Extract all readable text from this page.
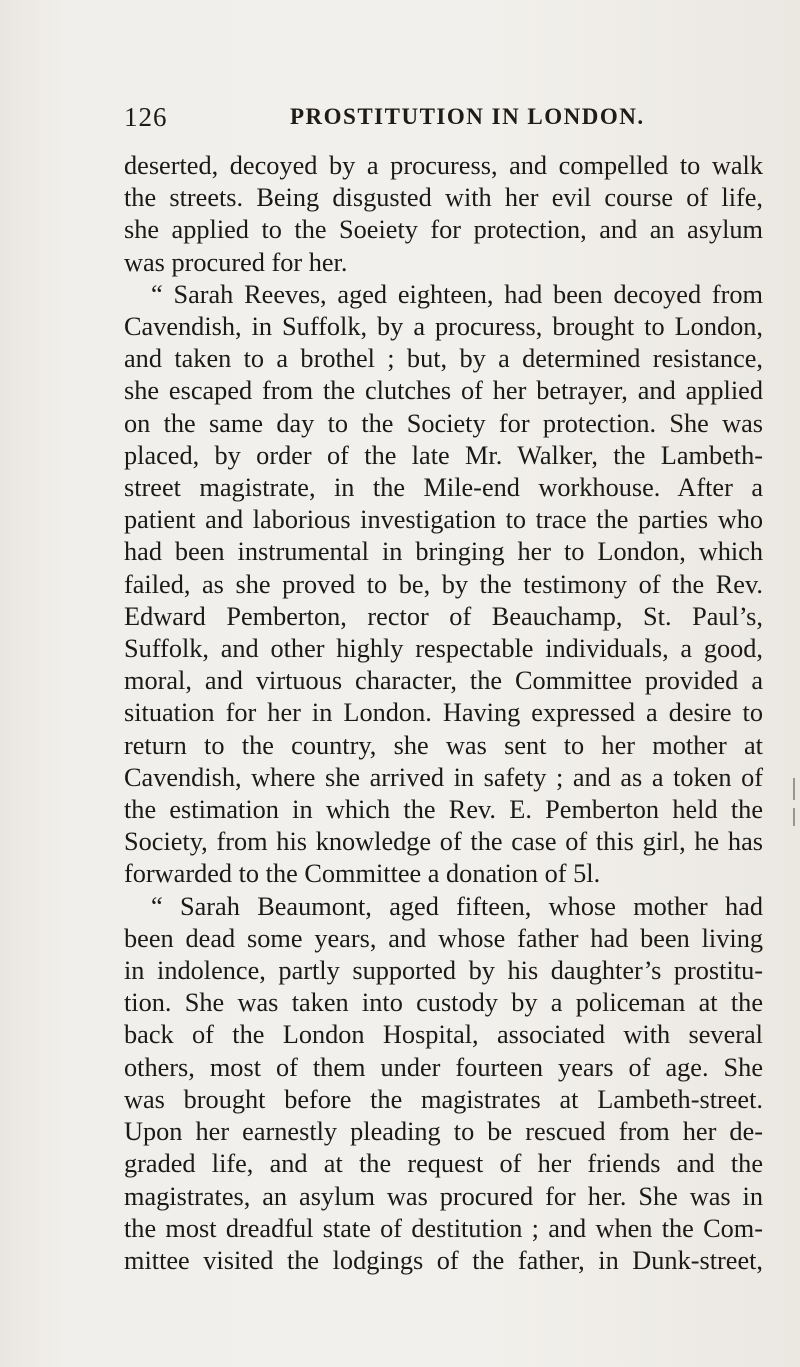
126	PROSTITUTION IN LONDON.
deserted, decoyed by a procuress, and compelled to walk
the streets. Being disgusted with her evil course of life,
she applied to the Soeiety for protection, and an asylum
was procured for her.
“ Sarah Reeves, aged eighteen, had been decoyed from
Cavendish, in Suffolk, by a procuress, brought to London,
and taken to a brothel ; but, by a determined resistance,
she escaped from the clutches of her betrayer, and applied
on the same day to the Society for protection. She was
placed, by order of the late Mr. Walker, the Lambeth-
street magistrate, in the Mile-end workhouse. After a
patient and laborious investigation to trace the parties who
had been instrumental in bringing her to London, which
failed, as she proved to be, by the testimony of the Rev.
Edward Pemberton, rector of Beauchamp, St. Paul’s,
Suffolk, and other highly respectable individuals, a good,
moral, and virtuous character, the Committee provided a
situation for her in London. Having expressed a desire to
return to the country, she was sent to her mother at
Cavendish, where she arrived in safety ; and as a token of
the estimation in which the Rev. E. Pemberton held the
Society, from his knowledge of the case of this girl, he has
forwarded to the Committee a donation of 5l.
“ Sarah Beaumont, aged fifteen, whose mother had
been dead some years, and whose father had been living
in indolence, partly supported by his daughter’s prostitu-
tion. She was taken into custody by a policeman at the
back of the London Hospital, associated with several
others, most of them under fourteen years of age. She
was brought before the magistrates at Lambeth-street.
Upon her earnestly pleading to be rescued from her de-
graded life, and at the request of her friends and the
magistrates, an asylum was procured for her. She was in
the most dreadful state of destitution ; and when the Com-
mittee visited the lodgings of the father, in Dunk-street,
